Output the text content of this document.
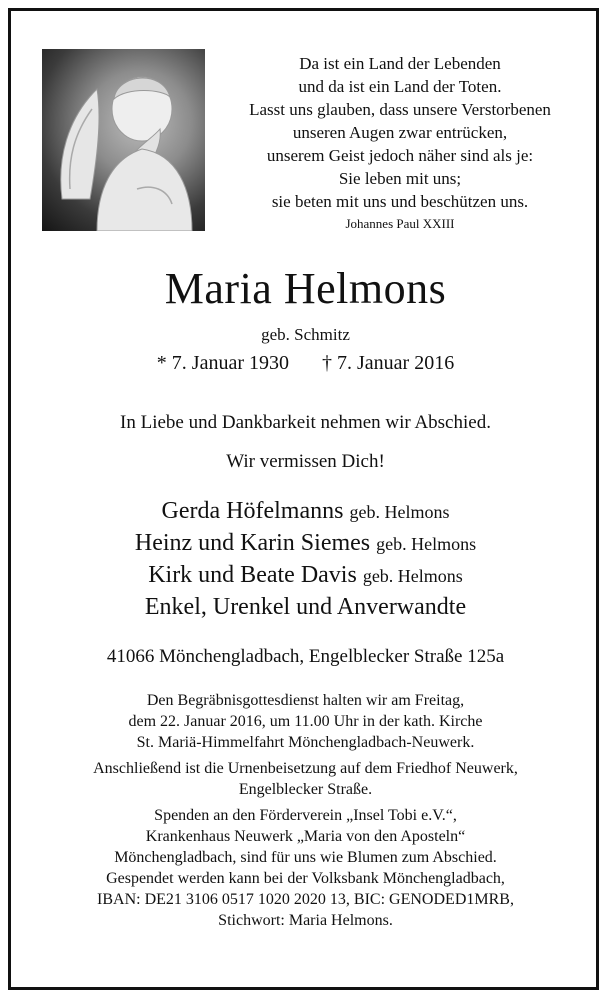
Da ist ein Land der Lebenden
und da ist ein Land der Toten.
Lasst uns glauben, dass unsere Verstorbenen
unseren Augen zwar entrücken,
unserem Geist jedoch näher sind als je:
Sie leben mit uns;
sie beten mit uns und beschützen uns.
Johannes Paul XXIII
Maria Helmons
geb. Schmitz
* 7. Januar 1930 † 7. Januar 2016
In Liebe und Dankbarkeit nehmen wir Abschied.
Wir vermissen Dich!
Gerda Höfelmanns geb. Helmons
Heinz und Karin Siemes geb. Helmons
Kirk und Beate Davis geb. Helmons
Enkel, Urenkel und Anverwandte
41066 Mönchengladbach, Engelblecker Straße 125a
Den Begräbnisgottesdienst halten wir am Freitag,
dem 22. Januar 2016, um 11.00 Uhr in der kath. Kirche
St. Mariä-Himmelfahrt Mönchengladbach-Neuwerk.
Anschließend ist die Urnenbeisetzung auf dem Friedhof Neuwerk,
Engelblecker Straße.
Spenden an den Förderverein „Insel Tobi e.V.“,
Krankenhaus Neuwerk „Maria von den Aposteln“
Mönchengladbach, sind für uns wie Blumen zum Abschied.
Gespendet werden kann bei der Volksbank Mönchengladbach,
IBAN: DE21 3106 0517 1020 2020 13, BIC: GENODED1MRB,
Stichwort: Maria Helmons.
